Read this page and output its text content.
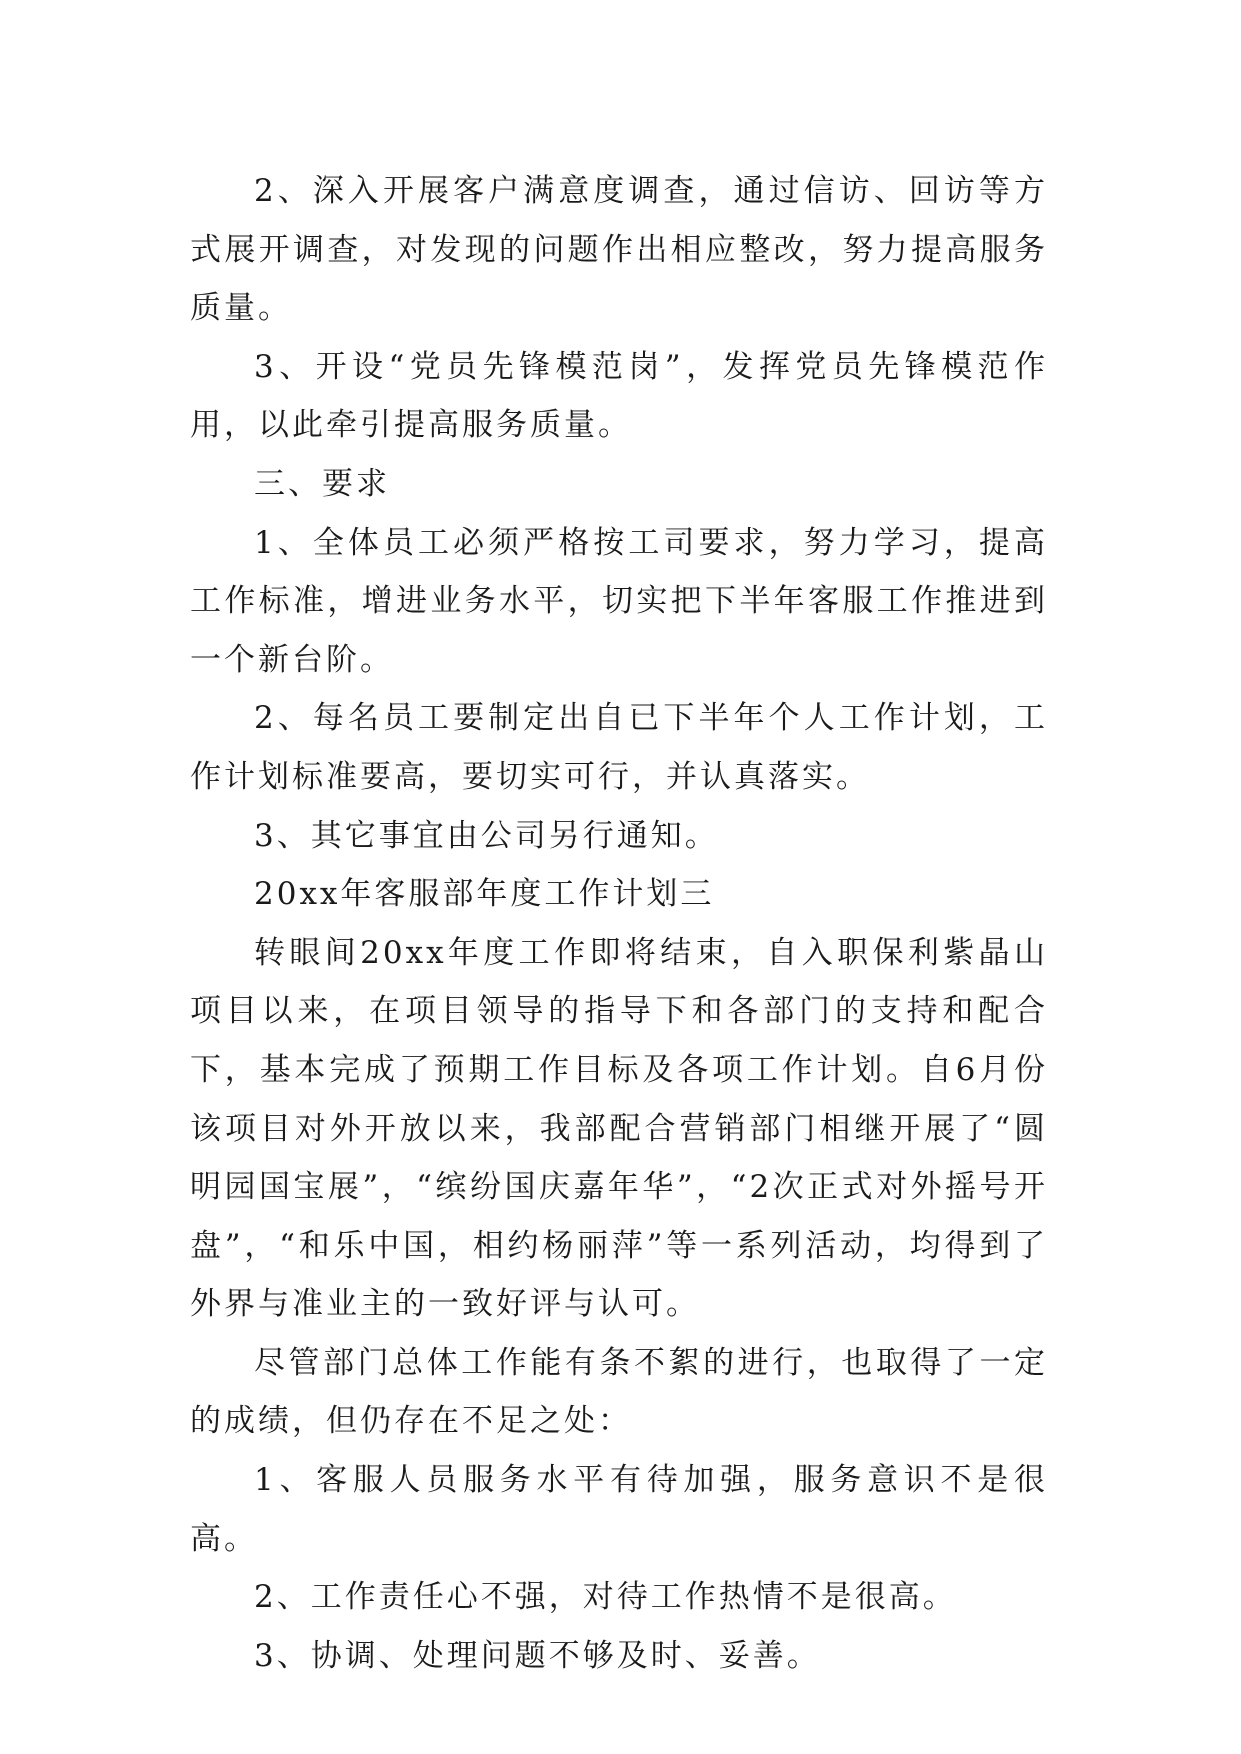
2、深入开展客户满意度调查，通过信访、回访等方式展开调查，对发现的问题作出相应整改，努力提高服务质量。

3、开设“党员先锋模范岗”，发挥党员先锋模范作用，以此牵引提高服务质量。

三、要求

1、全体员工必须严格按工司要求，努力学习，提高工作标准，增进业务水平，切实把下半年客服工作推进到一个新台阶。

2、每名员工要制定出自已下半年个人工作计划，工作计划标准要高，要切实可行，并认真落实。

3、其它事宜由公司另行通知。

20xx年客服部年度工作计划三

转眼间20xx年度工作即将结束，自入职保利紫晶山项目以来，在项目领导的指导下和各部门的支持和配合下，基本完成了预期工作目标及各项工作计划。自6月份该项目对外开放以来，我部配合营销部门相继开展了“圆明园国宝展”，“缤纷国庆嘉年华”，“2次正式对外摇号开盘”，“和乐中国，相约杨丽萍”等一系列活动，均得到了外界与准业主的一致好评与认可。

尽管部门总体工作能有条不絮的进行，也取得了一定的成绩，但仍存在不足之处：

1、客服人员服务水平有待加强，服务意识不是很高。

2、工作责任心不强，对待工作热情不是很高。

3、协调、处理问题不够及时、妥善。
